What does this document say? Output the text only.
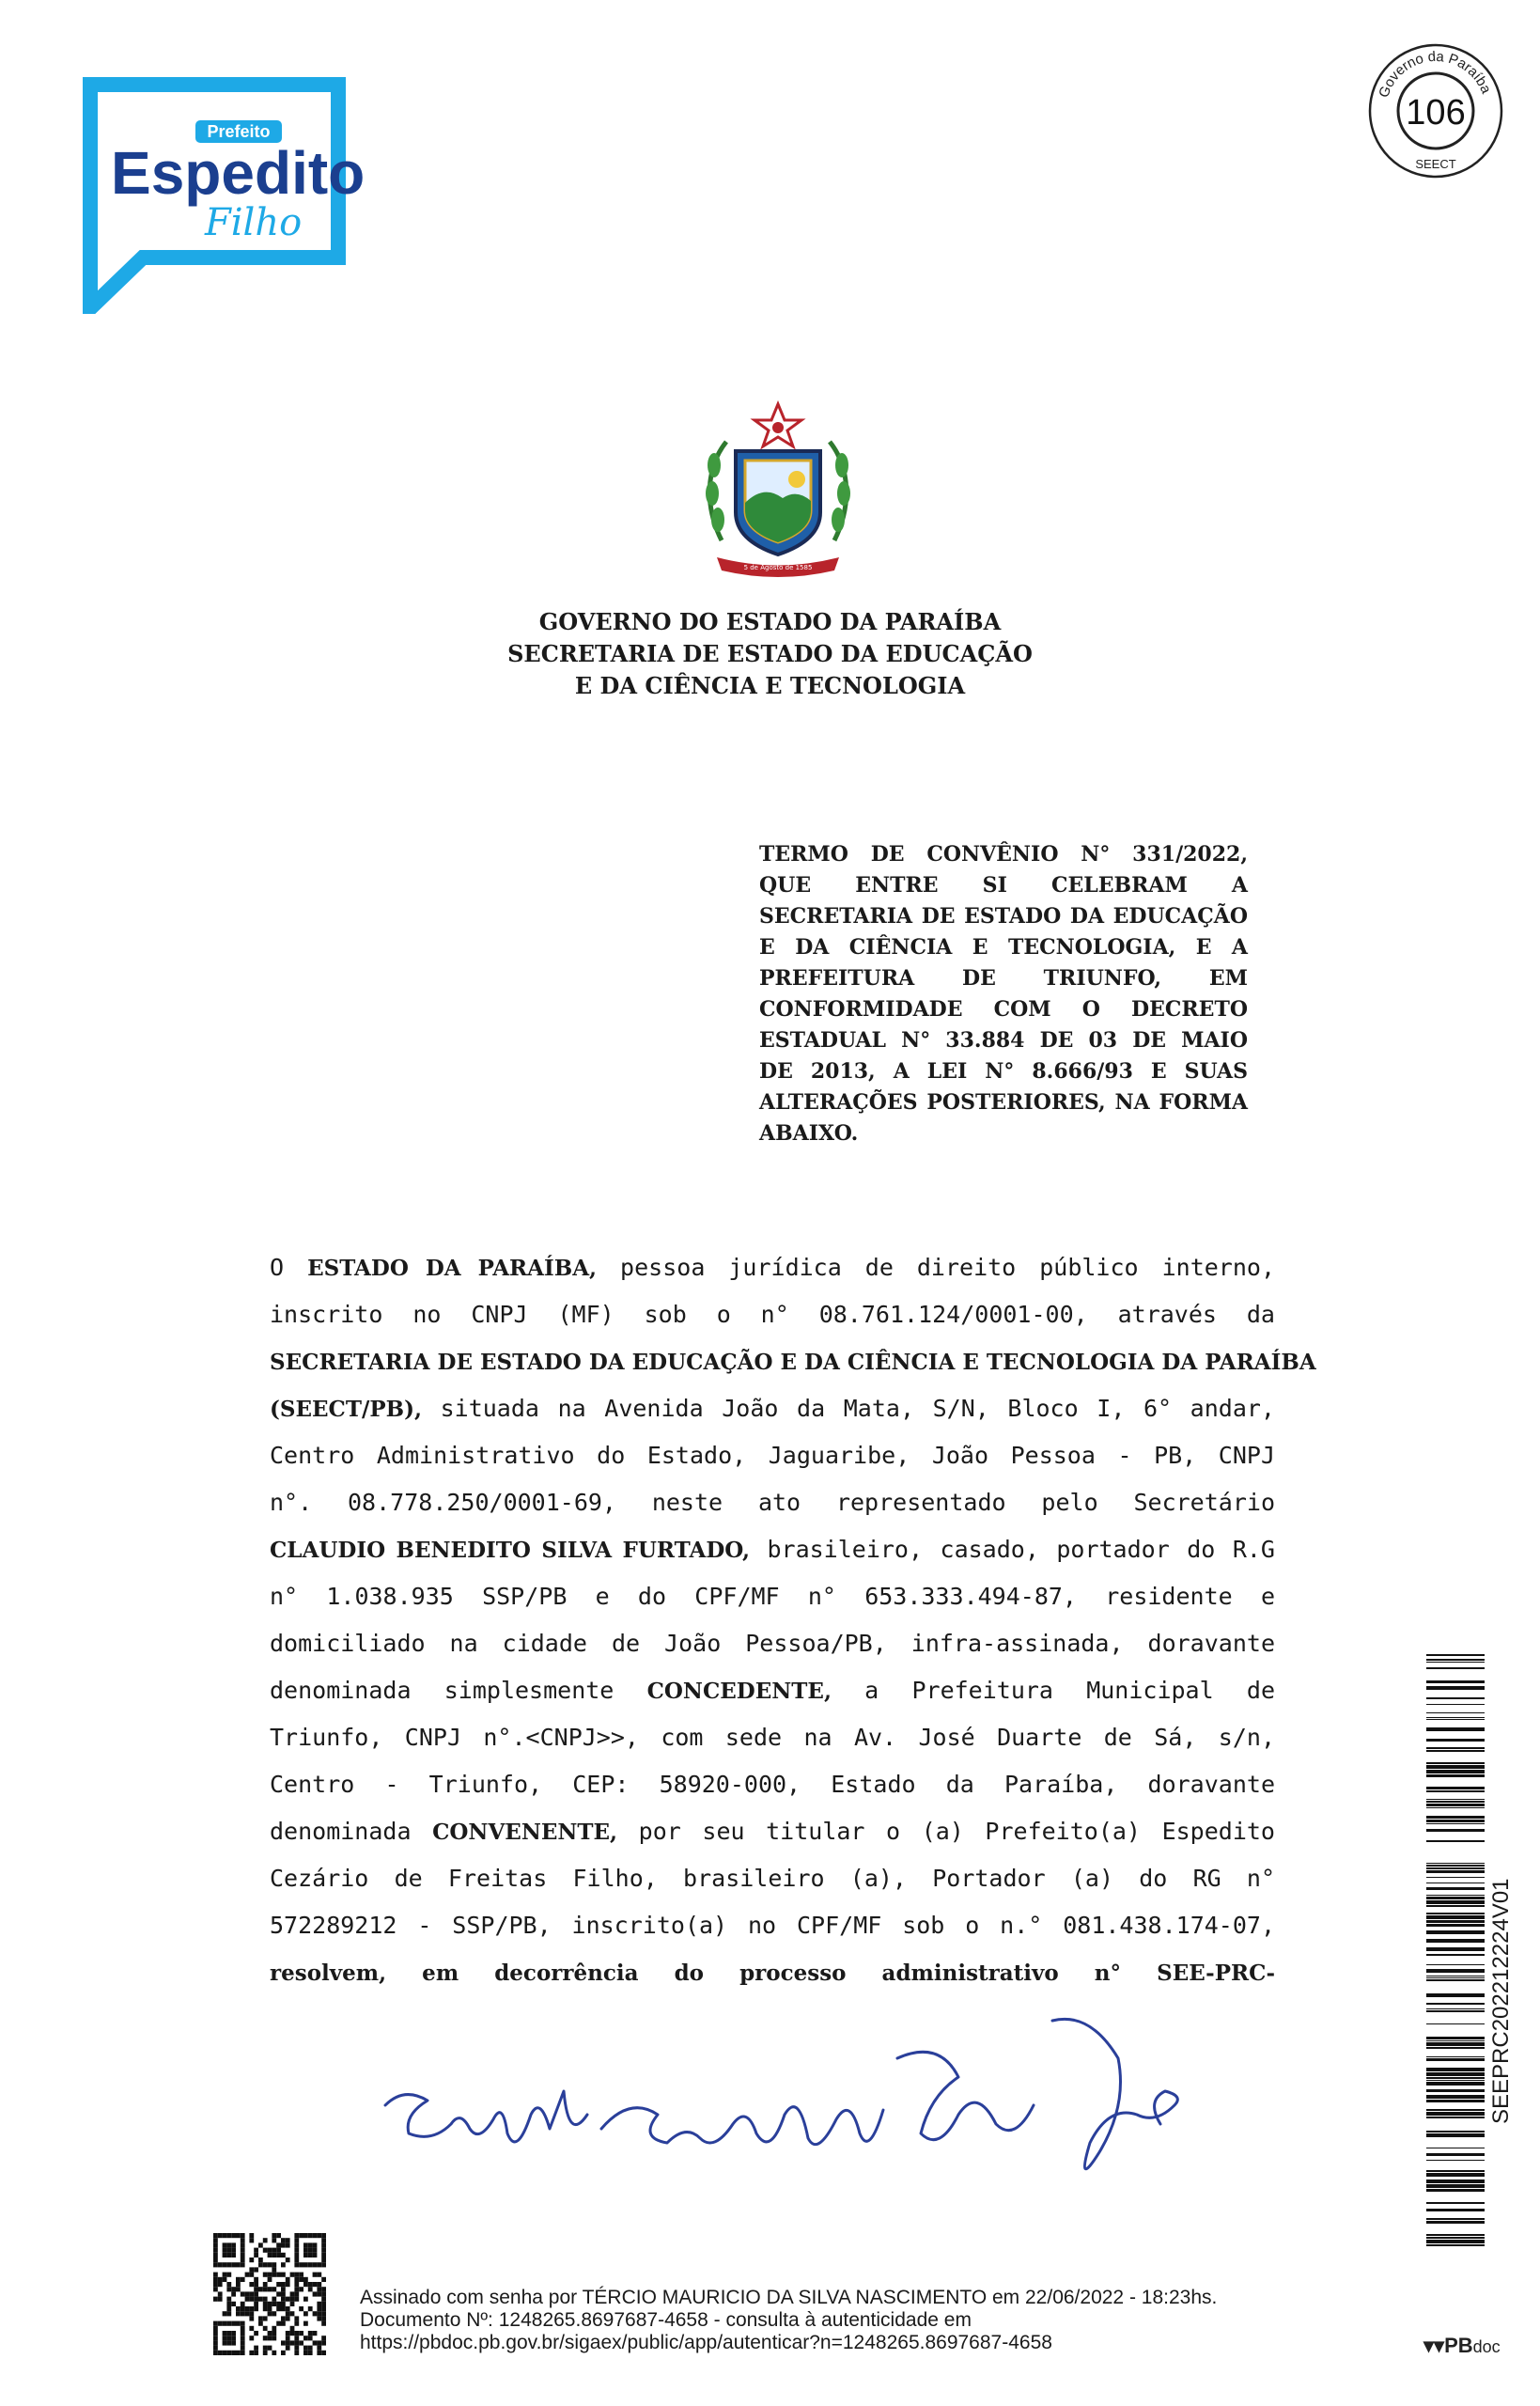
Prefeito
Espedito
Filho
Governo da Paraíba
106
SEECT
5 de Agosto de 1585
GOVERNO DO ESTADO DA PARAÍBA
SECRETARIA DE ESTADO DA EDUCAÇÃO
E DA CIÊNCIA E TECNOLOGIA
TERMO DE CONVÊNIO N° 331/2022,
QUE ENTRE SI CELEBRAM A
SECRETARIA DE ESTADO DA EDUCAÇÃO
E DA CIÊNCIA E TECNOLOGIA, E A
PREFEITURA DE TRIUNFO, EM
CONFORMIDADE COM O DECRETO
ESTADUAL N° 33.884 DE 03 DE MAIO
DE 2013, A LEI N° 8.666/93 E SUAS
ALTERAÇÕES POSTERIORES, NA FORMA
ABAIXO.
O ESTADO DA PARAÍBA, pessoa jurídica de direito público interno,
inscrito no CNPJ (MF) sob o n° 08.761.124/0001-00, através da
SECRETARIA DE ESTADO DA EDUCAÇÃO E DA CIÊNCIA E TECNOLOGIA DA PARAÍBA
(SEECT/PB), situada na Avenida João da Mata, S/N, Bloco I, 6° andar,
Centro Administrativo do Estado, Jaguaribe, João Pessoa - PB, CNPJ
n°. 08.778.250/0001-69, neste ato representado pelo Secretário
CLAUDIO BENEDITO SILVA FURTADO, brasileiro, casado, portador do R.G
n° 1.038.935 SSP/PB e do CPF/MF n° 653.333.494-87, residente e
domiciliado na cidade de João Pessoa/PB, infra-assinada, doravante
denominada simplesmente CONCEDENTE, a Prefeitura Municipal de
Triunfo, CNPJ n°.<CNPJ>>, com sede na Av. José Duarte de Sá, s/n,
Centro - Triunfo, CEP: 58920-000, Estado da Paraíba, doravante
denominada CONVENENTE, por seu titular o (a) Prefeito(a) Espedito
Cezário de Freitas Filho, brasileiro (a), Portador (a) do RG n°
572289212 - SSP/PB, inscrito(a) no CPF/MF sob o n.° 081.438.174-07,
resolvem, em decorrência do processo administrativo n° SEE-PRC-	SEEPRC202212224V01
Assinado com senha por TÉRCIO MAURICIO DA SILVA NASCIMENTO em 22/06/2022 - 18:23hs.
Documento Nº: 1248265.8697687-4658 - consulta à autenticidade em
https://pbdoc.pb.gov.br/sigaex/public/app/autenticar?n=1248265.8697687-4658	▾▾PBdoc
